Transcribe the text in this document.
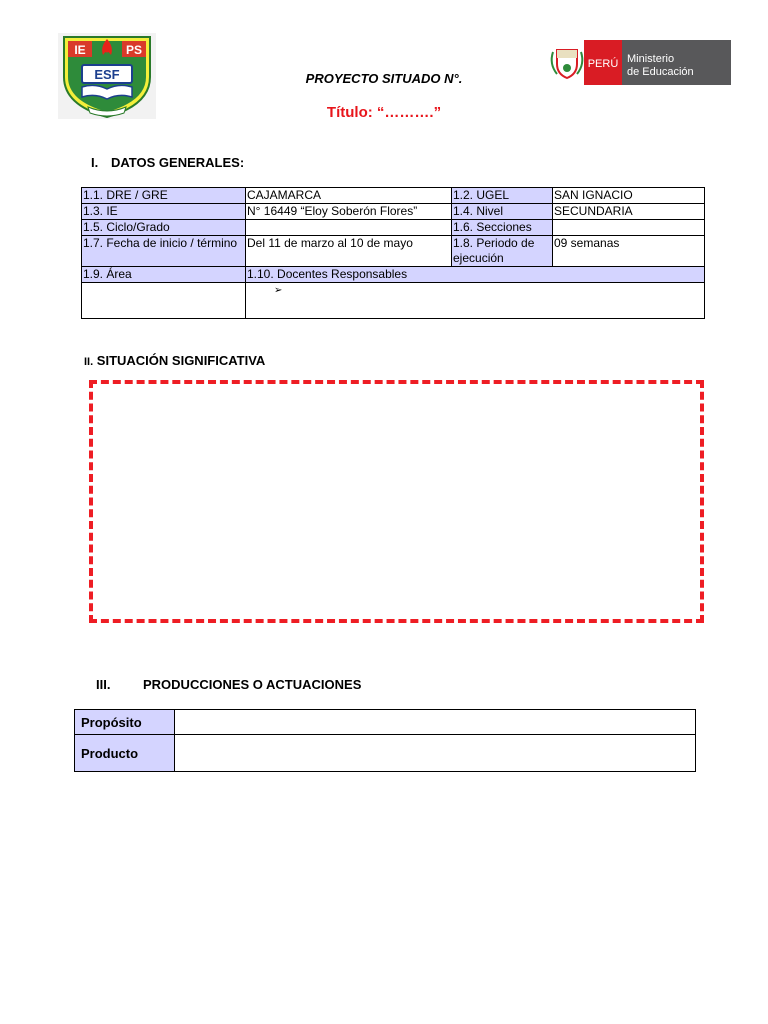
IE	PS
ESF
PERÚ Ministerio
de Educación
PROYECTO SITUADO N°.
Título: “……….”
I. DATOS GENERALES:
1.1. DRE / GRE	CAJAMARCA	1.2. UGEL	SAN IGNACIO
1.3. IE	N° 16449 “Eloy Soberón Flores”	1.4. Nivel	SECUNDARIA
1.5. Ciclo/Grado		1.6. Secciones	
1.7. Fecha de inicio / término	Del 11 de marzo al 10 de mayo	1.8. Periodo de ejecución	09 semanas
1.9. Área	1.10. Docentes Responsables		
	➢		
II. SITUACIÓN SIGNIFICATIVA
III.	PRODUCCIONES O ACTUACIONES
Propósito	
Producto	
